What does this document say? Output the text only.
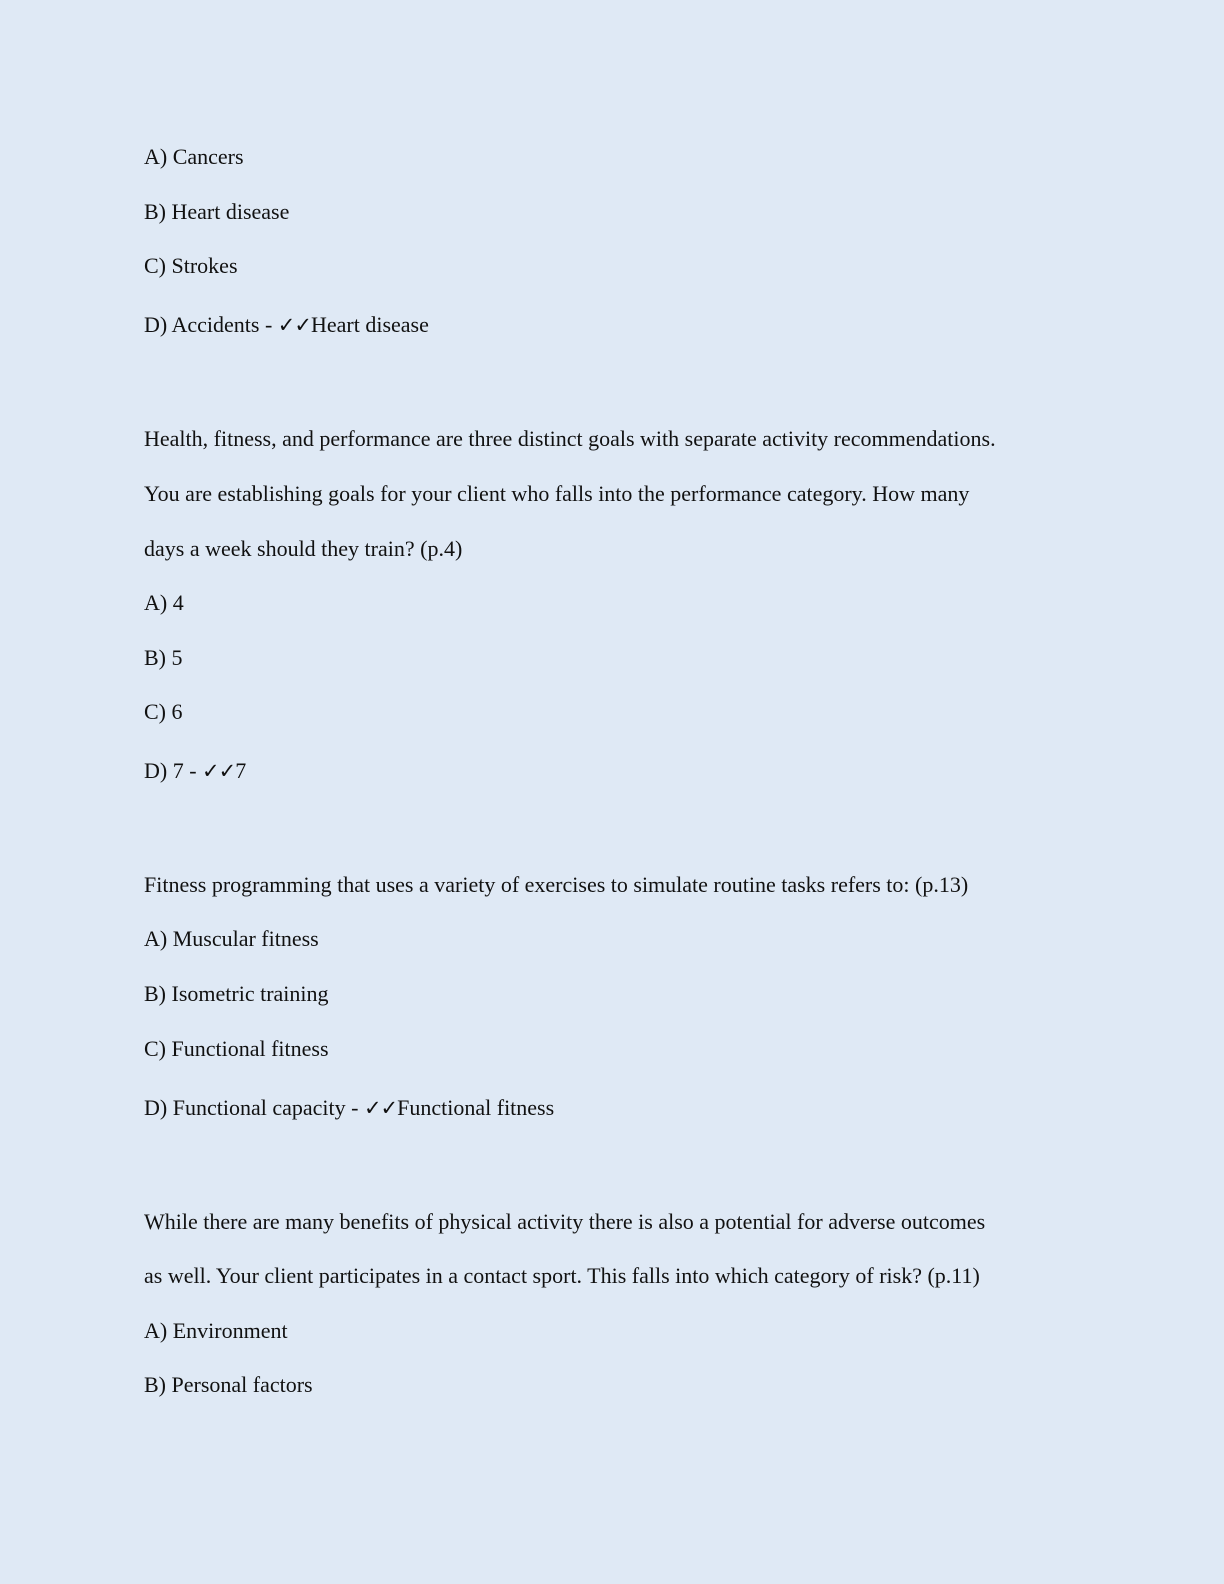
A) Cancers
B) Heart disease
C) Strokes
D) Accidents - ✓✓Heart disease
Health, fitness, and performance are three distinct goals with separate activity recommendations.
You are establishing goals for your client who falls into the performance category. How many
days a week should they train? (p.4)
A) 4
B) 5
C) 6
D) 7 - ✓✓7
Fitness programming that uses a variety of exercises to simulate routine tasks refers to: (p.13)
A) Muscular fitness
B) Isometric training
C) Functional fitness
D) Functional capacity - ✓✓Functional fitness
While there are many benefits of physical activity there is also a potential for adverse outcomes
as well. Your client participates in a contact sport. This falls into which category of risk? (p.11)
A) Environment
B) Personal factors
